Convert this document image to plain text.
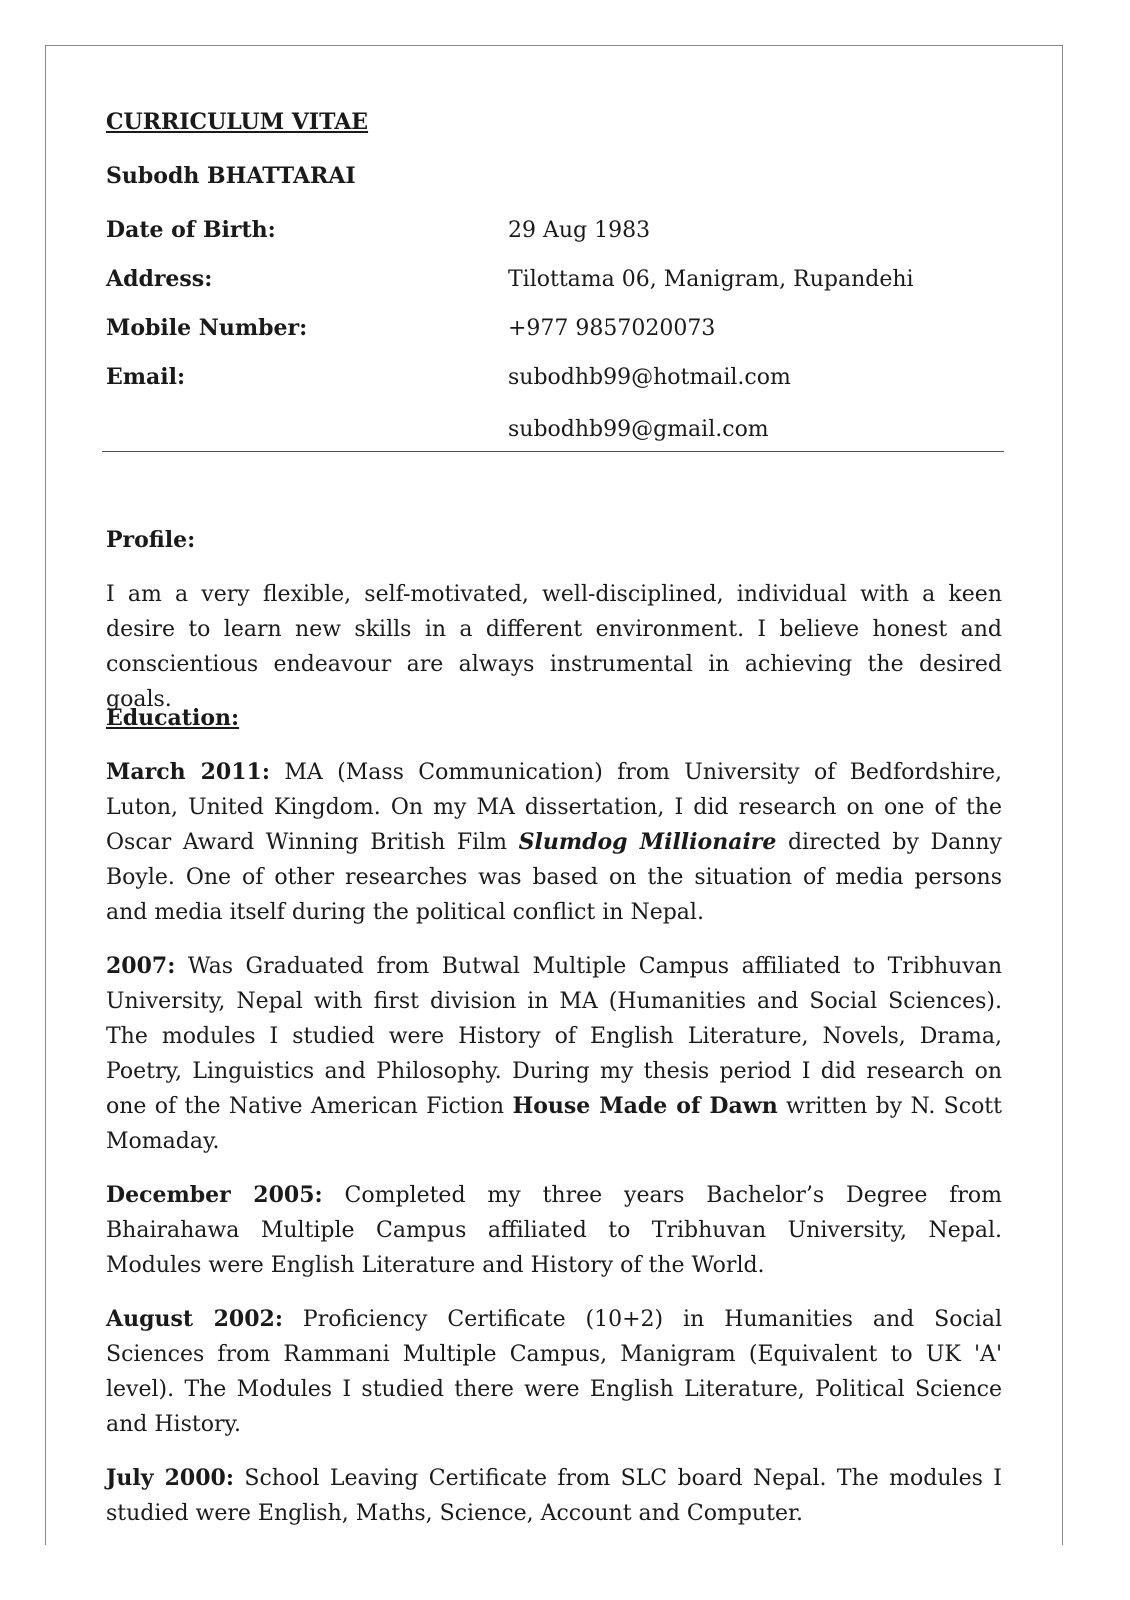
CURRICULUM VITAE
Subodh BHATTARAI
Date of Birth:	29 Aug 1983
Address:	Tilottama 06, Manigram, Rupandehi
Mobile Number:	+977 9857020073
Email:	subodhb99@hotmail.com
subodhb99@gmail.com
Profile:

I am a very flexible, self-motivated, well-disciplined, individual with a keen desire to learn new skills in a different environment. I believe honest and conscientious endeavour are always instrumental in achieving the desired goals.

Education:

March 2011: MA (Mass Communication) from University of Bedfordshire, Luton, United Kingdom. On my MA dissertation, I did research on one of the Oscar Award Winning British Film Slumdog Millionaire directed by Danny Boyle. One of other researches was based on the situation of media persons and media itself during the political conflict in Nepal.

2007: Was Graduated from Butwal Multiple Campus affiliated to Tribhuvan University, Nepal with first division in MA (Humanities and Social Sciences). The modules I studied were History of English Literature, Novels, Drama, Poetry, Linguistics and Philosophy. During my thesis period I did research on one of the Native American Fiction House Made of Dawn written by N. Scott Momaday.

December 2005: Completed my three years Bachelor’s Degree from Bhairahawa Multiple Campus affiliated to Tribhuvan University, Nepal. Modules were English Literature and History of the World.

August 2002: Proficiency Certificate (10+2) in Humanities and Social Sciences from Rammani Multiple Campus, Manigram (Equivalent to UK 'A' level). The Modules I studied there were English Literature, Political Science and History.

July 2000: School Leaving Certificate from SLC board Nepal. The modules I studied were English, Maths, Science, Account and Computer.
